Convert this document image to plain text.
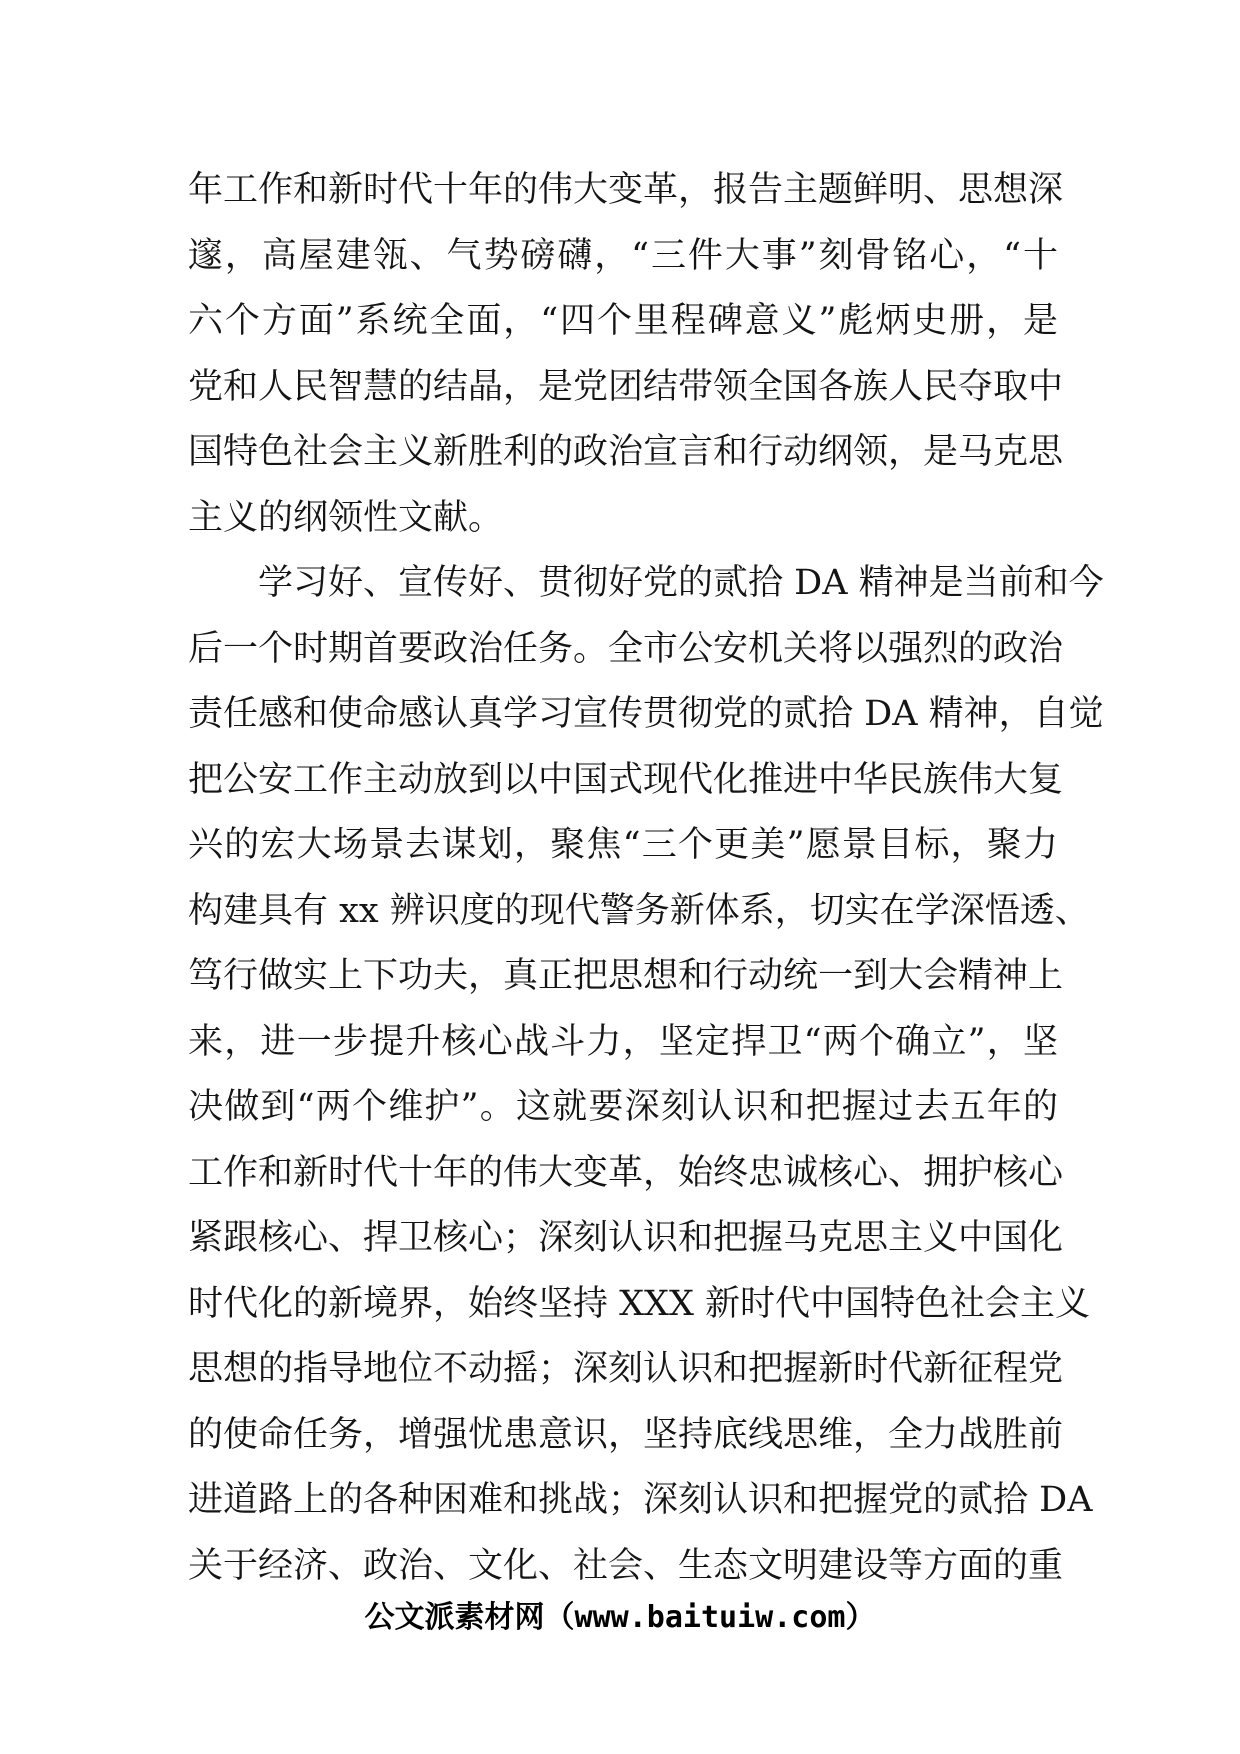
年工作和新时代十年的伟大变革，报告主题鲜明、思想深
邃，高屋建瓴、气势磅礴，“三件大事”刻骨铭心，“十
六个方面”系统全面，“四个里程碑意义”彪炳史册，是
党和人民智慧的结晶，是党团结带领全国各族人民夺取中
国特色社会主义新胜利的政治宣言和行动纲领，是马克思
主义的纲领性文献。
学习好、宣传好、贯彻好党的贰拾 DA 精神是当前和今
后一个时期首要政治任务。全市公安机关将以强烈的政治
责任感和使命感认真学习宣传贯彻党的贰拾 DA 精神，自觉
把公安工作主动放到以中国式现代化推进中华民族伟大复
兴的宏大场景去谋划，聚焦“三个更美”愿景目标，聚力
构建具有 xx 辨识度的现代警务新体系，切实在学深悟透、
笃行做实上下功夫，真正把思想和行动统一到大会精神上
来，进一步提升核心战斗力，坚定捍卫“两个确立”，坚
决做到“两个维护”。这就要深刻认识和把握过去五年的
工作和新时代十年的伟大变革，始终忠诚核心、拥护核心
紧跟核心、捍卫核心；深刻认识和把握马克思主义中国化
时代化的新境界，始终坚持 XXX 新时代中国特色社会主义
思想的指导地位不动摇；深刻认识和把握新时代新征程党
的使命任务，增强忧患意识，坚持底线思维，全力战胜前
进道路上的各种困难和挑战；深刻认识和把握党的贰拾 DA
关于经济、政治、文化、社会、生态文明建设等方面的重
公文派素材网（www.baituiw.com）
